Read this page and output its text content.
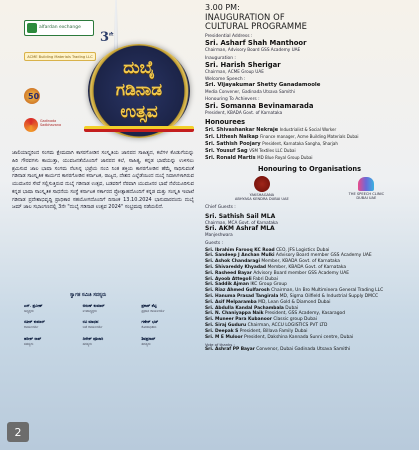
alfardan exchange
ACME Building Materials Trading LLC
50
Gadinada Sadbhavana
$3^{ನೇ}$
ದುಬೈ
ಗಡಿನಾಡ
ಉತ್ಸವ

ಜಾಲಿಯಾದ್ದರಿಂದ ಸಂಗಮ ಕ್ಷೇಮವಾಗಿ ಕಾಸರಗೋಡಿನ ಸಂಸ್ಕೃತಿಯ ಜಾನಪದ ಸಾಹಿತ್ಯದ, ಕಲೆಗಳ ಕೊಡುಗೆಯನ್ನು ಹಿರಿ ಗೌರವಗಳು ಕಾಯುತ್ತಾ, ಯುವಜನತೆಯೊಂದಿಗೆ ಜಾನಪದ ಕಲೆ, ಸಾಹಿತ್ಯ, ಕನ್ನಡ ಭಾಷೆಯನ್ನು ಉಳಿಸಲು ಶ್ರಮಿಸುವ ಜಾಲ ಭಾಷಾ ಸಂಗಮ ನೆಲಸಿನ್ನ ಭಟ್ರೆಯ ನಂಬಿ ನಿಂತ ಶಕ್ತಿಯ ಕಾಸರಗೋಡಿನ ಹೆಮ್ಮೆ ಸಾಧಿಸುವಂತೆ ಗಡಿನಾಡ ಸಾಂಸ್ಕೃತಿಕ ಕಾರ್ಯದ ಕಾಸರಗೋಡಿನ ಕರ್ನಾಟಕ, ರಾಜ್ಯದ, ದೇಶದ ಎಲ್ಲೆಡೆಯಿಂದ ದುಬೈ ನಿವಾಸಿಗಳಾಗಿರುವ ಯುವಜನರ ಸೇವೆ ಸಲ್ಲಿಸುತ್ತಿರುವ ದುಬೈ ಗಡಿನಾಡ ಉತ್ಸವ, ಬಡವರಿಗೆ ನೆರವಾಗಿ ಯುವಜನರ ಭಾಷೆ ನೆಲೆಯೂರಿಸುವ ಕನ್ನಡ ಭಾಷಾ ಸಾಂಸ್ಕೃತಿಕ ಸಾಧನೆಯ ಸಂಸ್ಥೆ ಕರ್ನಾಟಕ ಸರ್ಕಾರದ ಪ್ರೋತ್ಸಾಹದೊಂದಿಗೆ ಕನ್ನಡ ಮತ್ತು ಸಂಸ್ಕೃತಿ ಇಲಾಖೆ ಗಡಿನಾಡ ಪ್ರದೇಶಾಭಿವೃದ್ಧಿ ಪ್ರಾಧಿಕಾರ ಸಹಯೋಗದೊಂದಿಗೆ ದಿನಾಂಕ 13.10.2024 ಭಾನುವಾರದಂದು ದುಬೈ ಜಮ್ ಜಾಲ ಸಭಾಂಗಣದಲ್ಲಿ 3ನೇ "ದುಬೈ ಗಡಿನಾಡ ಉತ್ಸವ 2024" ಸಂಭ್ರಮವು ನಡೆಯಲಿದೆ.

ಸ್ವಾಗತ ಸಮಿತಿ ಸದಸ್ಯರು
ಎನ್. ಪ್ರವೀಣ್
ಅಧ್ಯಕ್ಷರು
ಅರುಣ್ ಕುಮಾರ್
ಉಪಾಧ್ಯಕ್ಷರು
ಪ್ರಕಾಶ್ ಶೆಟ್ಟಿ
ಪ್ರಧಾನ ಕಾರ್ಯದರ್ಶಿ
ಸತೀಶ್ ಕುಮಾರ್
ಕಾರ್ಯದರ್ಶಿ
ರವಿ ಮಾಧವ
ಜತೆ ಕಾರ್ಯದರ್ಶಿ
ಗಣೇಶ್ ಭಟ್
ಕೋಶಾಧಿಕಾರಿ
ಹರೀಶ್ ರಾವ್
ಸದಸ್ಯರು
ದಿನೇಶ್ ಪೂಜಾರಿ
ಸದಸ್ಯರು
ಶಿವಪ್ರಸಾದ್
ಸದಸ್ಯರು
2
3.00 PM:
INAUGURATION OF
CULTURAL PROGRAMME
Presidential Address :
Sri. Asharf Shah Manthoor
Chairman, Advisory Board GSS Academy UAE
Inauguration :
Sri. Harish Sherigar
Chairman, ACME Group UAE
Welcome Speech :
Sri. Vijayakumar Shetty Ganadamoole
Media Convener, Gadinada Utsava Samithi
Honouring To Achievers :
Sri. Somanna Bevinamarada
President, KBADA Govt. of Karnataka
Honourees
Sri. Shivashankar Nekraje Industrialist & Social Worker
Sri. Lithesh Naikap Finance manager, Acme Building Materials Dubai
Sri. Sathish Poojary President, Karnataka Sangha, Sharjah
Sri. Yousuf Sag VSM Textiles LLC Dubai
Sri. Ronald Martis MD Blue Royal Group Dubai
Honouring to Organisations
YAKSHAGANA
ABHYASA KENDRA DUBAI UAE
THE SPEECH CLINIC
DUBAI UAE
Chief Guests :
Sri. Sathish Sail MLA
Chairman, MCA Govt. of Karnataka
Sri. AKM Ashraf MLA
Manjeshwara
Guests :
Sri. Ibrahim Farooq KC Road CEO, JFS Logistics Dubai
Sri. Sandeep J Anchan Mulki Advisory Board member GSS Academy UAE
Sri. Ashok Chandaragi Member, KBADA Govt. of Karnataka
Sri. Shivareddy Khyadad Member, KBADA Govt. of Karnataka
Sri. Rasheed Bayar Advisory Board member GSS Academy UAE
Sri. Ayoob Attegoli Fabri Dubai
Sri. Saddik Ajman IKC Group Group
Sri. Riaz Ahmed Gulfarosh Chairman, Un Bro Multiminera General Trading LLC
Sri. Hanuma Prasad Tangirala MD, Sigma Oilfield & Industrial Supply DMCC
Sri. Asif Melparamba MD, Lean Gold & Diamond Dubai
Sri. Abdulla Kandal Pachambala Dubai
Sri. N. Chaniyappa Naik President, GSS Academy, Kasaragod
Sri. Muneer Para Kubanoor Classic group Dubai
Sri. Siraj Guduru Chairman, ACCU LOGISTICS PVT LTD
Sri. Deepak S President, Billava Family Dubai
Sri. M E Muloor President, Dakshina Kannada Sunni centre, Dubai
Vote of thanks :
Sri. Ashraf PP Bayar Convenor, Dubai Gadinada Utsava Samithi
